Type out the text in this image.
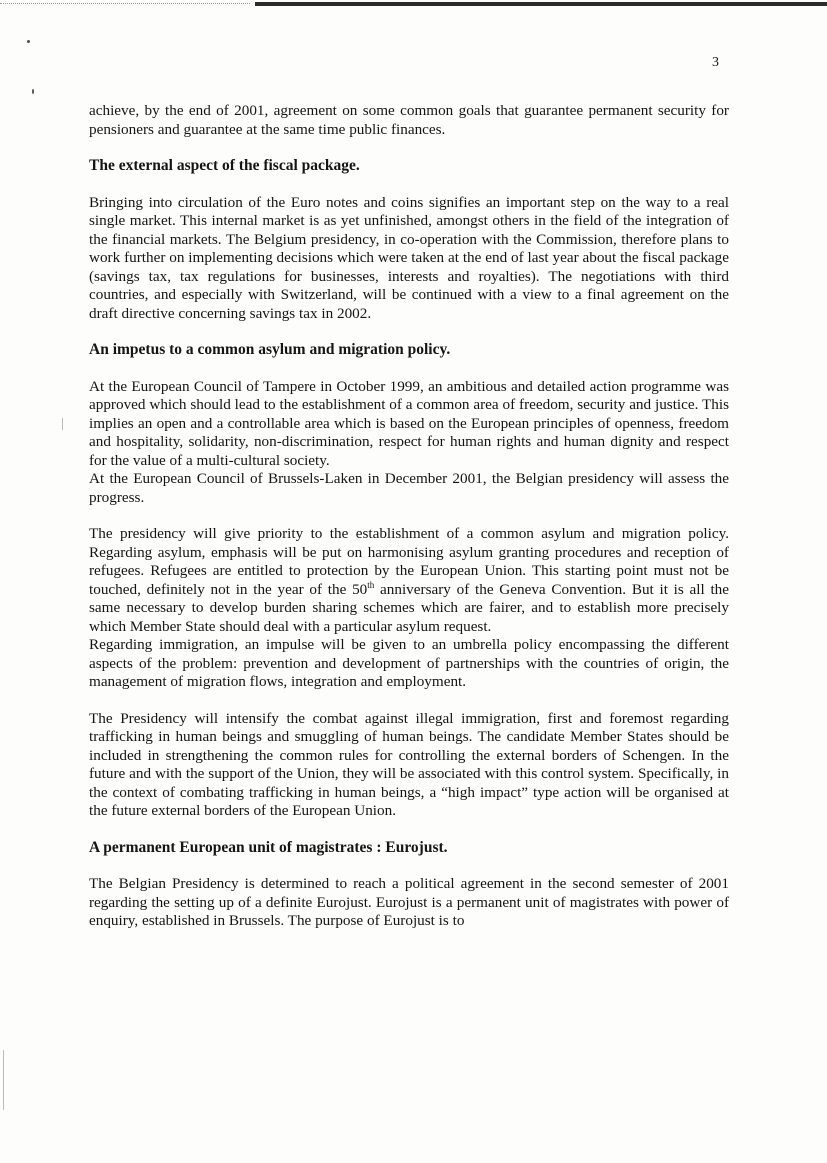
3

achieve, by the end of 2001, agreement on some common goals that guarantee permanent security for pensioners and guarantee at the same time public finances.

The external aspect of the fiscal package.

Bringing into circulation of the Euro notes and coins signifies an important step on the way to a real single market. This internal market is as yet unfinished, amongst others in the field of the integration of the financial markets. The Belgium presidency, in co-operation with the Commission, therefore plans to work further on implementing decisions which were taken at the end of last year about the fiscal package (savings tax, tax regulations for businesses, interests and royalties). The negotiations with third countries, and especially with Switzerland, will be continued with a view to a final agreement on the draft directive concerning savings tax in 2002.

An impetus to a common asylum and migration policy.

At the European Council of Tampere in October 1999, an ambitious and detailed action programme was approved which should lead to the establishment of a common area of freedom, security and justice. This implies an open and a controllable area which is based on the European principles of openness, freedom and hospitality, solidarity, non-discrimination, respect for human rights and human dignity and respect for the value of a multi-cultural society.

At the European Council of Brussels-Laken in December 2001, the Belgian presidency will assess the progress.

The presidency will give priority to the establishment of a common asylum and migration policy. Regarding asylum, emphasis will be put on harmonising asylum granting procedures and reception of refugees. Refugees are entitled to protection by the European Union. This starting point must not be touched, definitely not in the year of the 50th anniversary of the Geneva Convention. But it is all the same necessary to develop burden sharing schemes which are fairer, and to establish more precisely which Member State should deal with a particular asylum request.

Regarding immigration, an impulse will be given to an umbrella policy encompassing the different aspects of the problem: prevention and development of partnerships with the countries of origin, the management of migration flows, integration and employment.

The Presidency will intensify the combat against illegal immigration, first and foremost regarding trafficking in human beings and smuggling of human beings. The candidate Member States should be included in strengthening the common rules for controlling the external borders of Schengen. In the future and with the support of the Union, they will be associated with this control system. Specifically, in the context of combating trafficking in human beings, a “high impact” type action will be organised at the future external borders of the European Union.

A permanent European unit of magistrates : Eurojust.

The Belgian Presidency is determined to reach a political agreement in the second semester of 2001 regarding the setting up of a definite Eurojust. Eurojust is a permanent unit of magistrates with power of enquiry, established in Brussels. The purpose of Eurojust is to
